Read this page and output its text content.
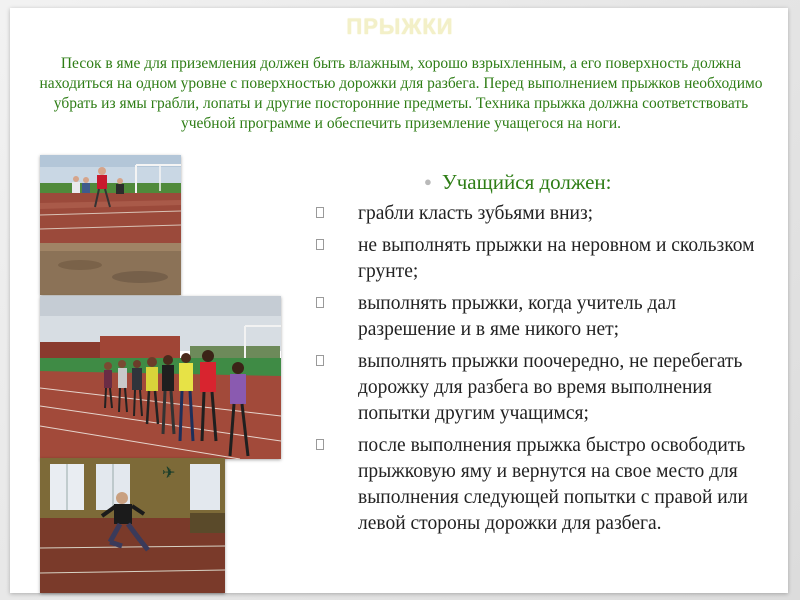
ПРЫЖКИ

Песок в яме для приземления должен быть влажным, хорошо взрыхленным, а его поверхность должна находиться на одном уровне с поверхностью дорожки для разбега. Перед выполнением прыжков необходимо убрать из ямы грабли, лопаты и другие посторонние предметы. Техника прыжка должна соответствовать учебной программе и обеспечить приземление учащегося на ноги.

✈

● Учащийся должен:

грабли класть зубьями вниз;
не выполнять прыжки на неровном и скользком грунте;
выполнять прыжки, когда учитель дал разрешение и в яме никого нет;
выполнять прыжки поочередно, не перебегать дорожку для разбега во время выполнения попытки другим учащимся;
после выполнения прыжка быстро освободить прыжковую яму и вернутся на свое место для выполнения следующей попытки с правой или левой стороны дорожки для разбега.
